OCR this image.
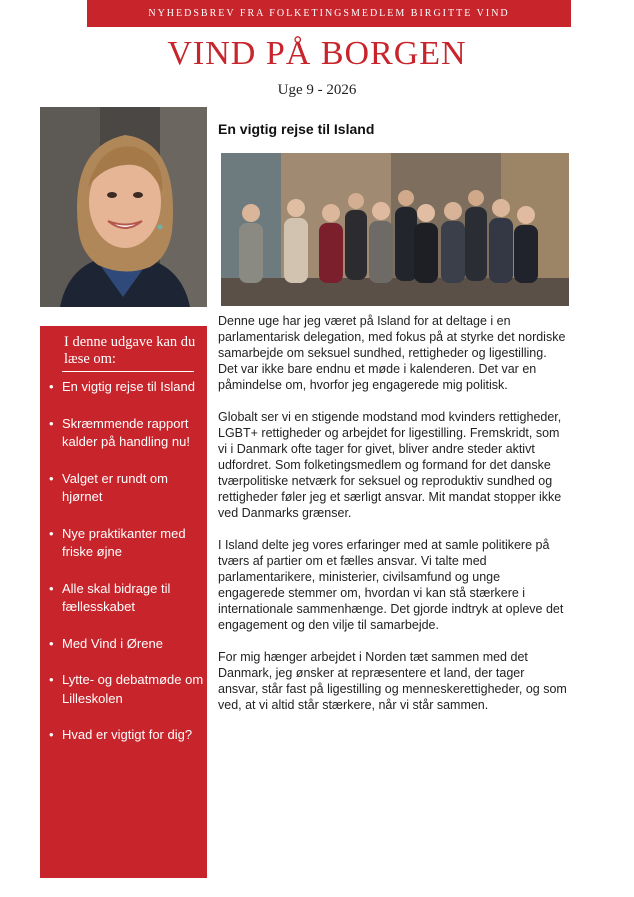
NYHEDSBREV FRA FOLKETINGSMEDLEM BIRGITTE VIND
VIND PÅ BORGEN
Uge 9 - 2026
I denne udgave kan du læse om:
• En vigtig rejse til Island
• Skræmmende rapport kalder på handling nu!
• Valget er rundt om hjørnet
• Nye praktikanter med friske øjne
• Alle skal bidrage til fællesskabet
• Med Vind i Ørene
• Lytte- og debatmøde om Lilleskolen
• Hvad er vigtigt for dig?
En vigtig rejse til Island

Denne uge har jeg været på Island for at deltage i en parlamentarisk delegation, med fokus på at styrke det nordiske samarbejde om seksuel sundhed, rettigheder og ligestilling. Det var ikke bare endnu et møde i kalenderen. Det var en påmindelse om, hvorfor jeg engagerede mig politisk.

Globalt ser vi en stigende modstand mod kvinders rettigheder, LGBT+ rettigheder og arbejdet for ligestilling. Fremskridt, som vi i Danmark ofte tager for givet, bliver andre steder aktivt udfordret. Som folketingsmedlem og formand for det danske tværpolitiske netværk for seksuel og reproduktiv sundhed og rettigheder føler jeg et særligt ansvar. Mit mandat stopper ikke ved Danmarks grænser.

I Island delte jeg vores erfaringer med at samle politikere på tværs af partier om et fælles ansvar. Vi talte med parlamentarikere, ministerier, civilsamfund og unge engagerede stemmer om, hvordan vi kan stå stærkere i internationale sammenhænge. Det gjorde indtryk at opleve det engagement og den vilje til samarbejde.

For mig hænger arbejdet i Norden tæt sammen med det Danmark, jeg ønsker at repræsentere et land, der tager ansvar, står fast på ligestilling og menneskerettigheder, og som ved, at vi altid står stærkere, når vi står sammen.
